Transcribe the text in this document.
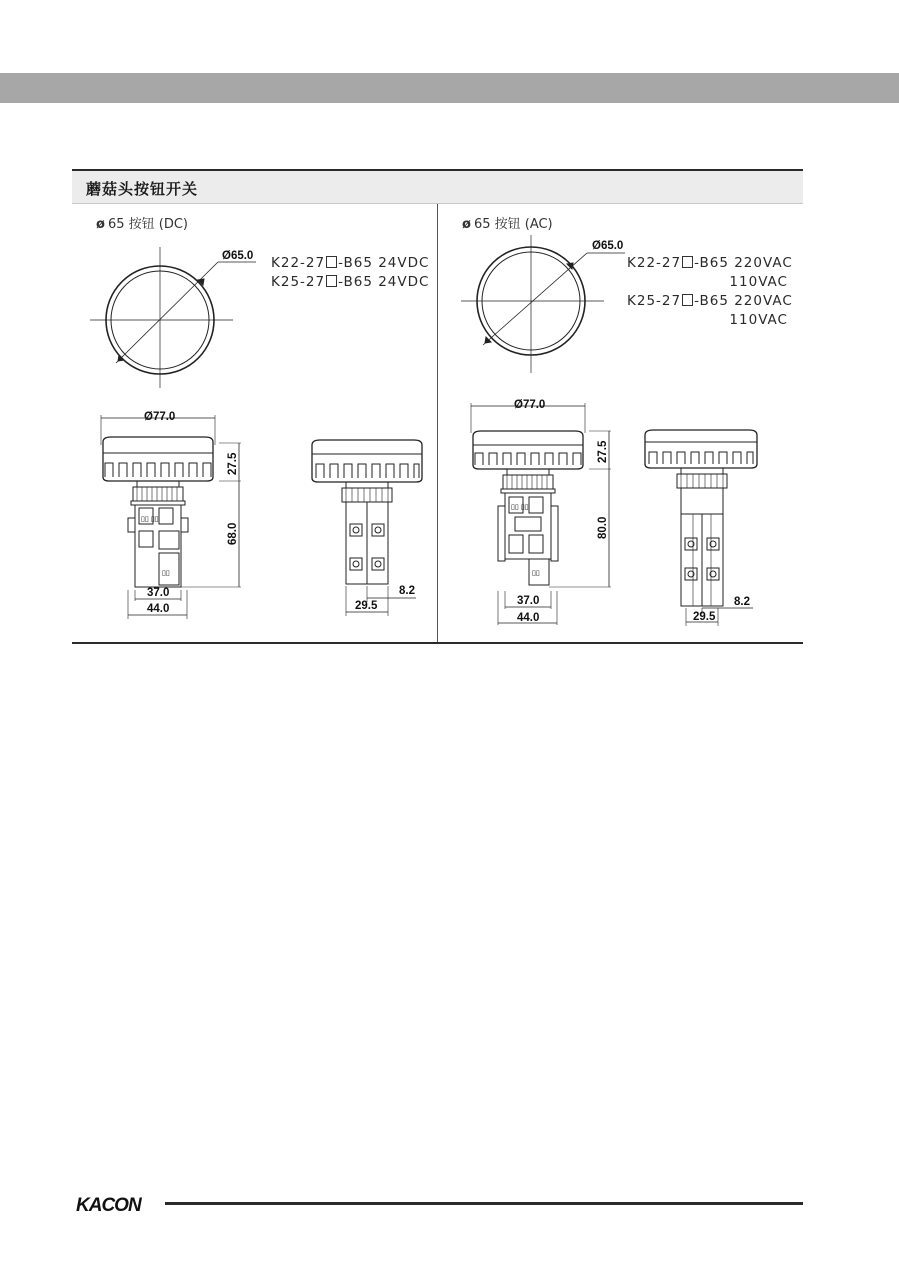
蘑菇头按钮开关
ø 65 按钮 (DC)
K22-27 -B65 24VDC
K25-27 -B65 24VDC
ø 65 按钮 (AC)
K22-27 -B65 220VAC
110VAC
K25-27 -B65 220VAC
110VAC
Ø65.0
Ø65.0
Ø77.0
27.5
68.0
37.0
44.0
▯▯ ▯▯
▯▯
8.2
29.5
Ø77.0
27.5
80.0
37.0
44.0
▯▯ ▯▯
▯▯
8.2
29.5
KACON
